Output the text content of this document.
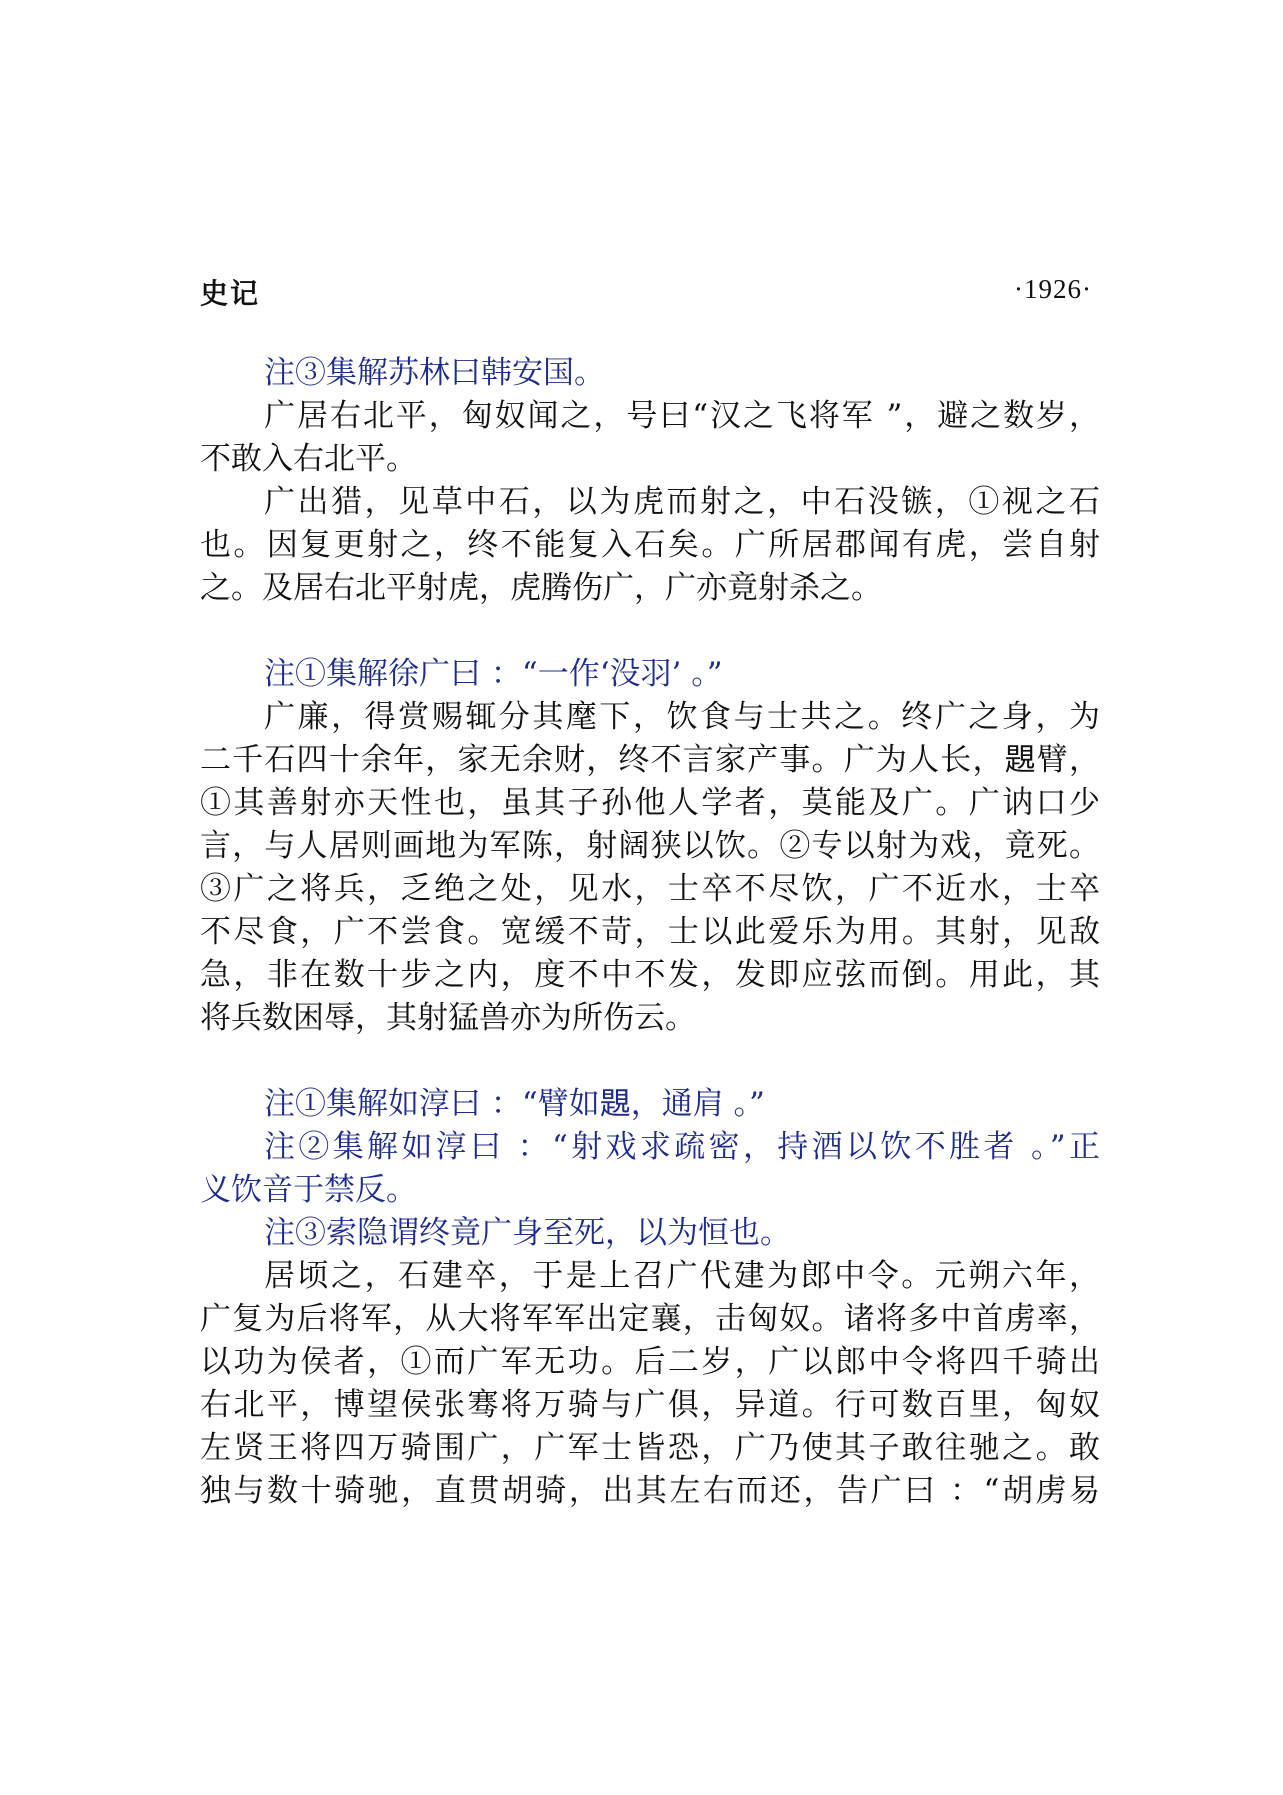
史记	·1926·
注③集解苏林曰韩安国。
广居右北平，匈奴闻之，号曰“汉之飞将军 ”，避之数岁，
不敢入右北平。
广出猎，见草中石，以为虎而射之，中石没镞，①视之石
也。因复更射之，终不能复入石矣。广所居郡闻有虎，尝自射
之。及居右北平射虎，虎腾伤广，广亦竟射杀之。
注①集解徐广曰 ：“一作‘没羽’ 。”
广廉，得赏赐辄分其麾下，饮食与士共之。终广之身，为
二千石四十余年，家无余财，终不言家产事。广为人长，𧡨臂，
①其善射亦天性也，虽其子孙他人学者，莫能及广。广讷口少
言，与人居则画地为军陈，射阔狭以饮。②专以射为戏，竟死。
③广之将兵，乏绝之处，见水，士卒不尽饮，广不近水，士卒
不尽食，广不尝食。宽缓不苛，士以此爱乐为用。其射，见敌
急，非在数十步之内，度不中不发，发即应弦而倒。用此，其
将兵数困辱，其射猛兽亦为所伤云。
注①集解如淳曰 ：“臂如𧡨，通肩 。”
注②集解如淳曰 ：“射戏求疏密，持酒以饮不胜者 。”正
义饮音于禁反。
注③索隐谓终竟广身至死，以为恒也。
居顷之，石建卒，于是上召广代建为郎中令。元朔六年，
广复为后将军，从大将军军出定襄，击匈奴。诸将多中首虏率，
以功为侯者，①而广军无功。后二岁，广以郎中令将四千骑出
右北平，博望侯张骞将万骑与广俱，异道。行可数百里，匈奴
左贤王将四万骑围广，广军士皆恐，广乃使其子敢往驰之。敢
独与数十骑驰，直贯胡骑，出其左右而还，告广曰 ：“胡虏易
